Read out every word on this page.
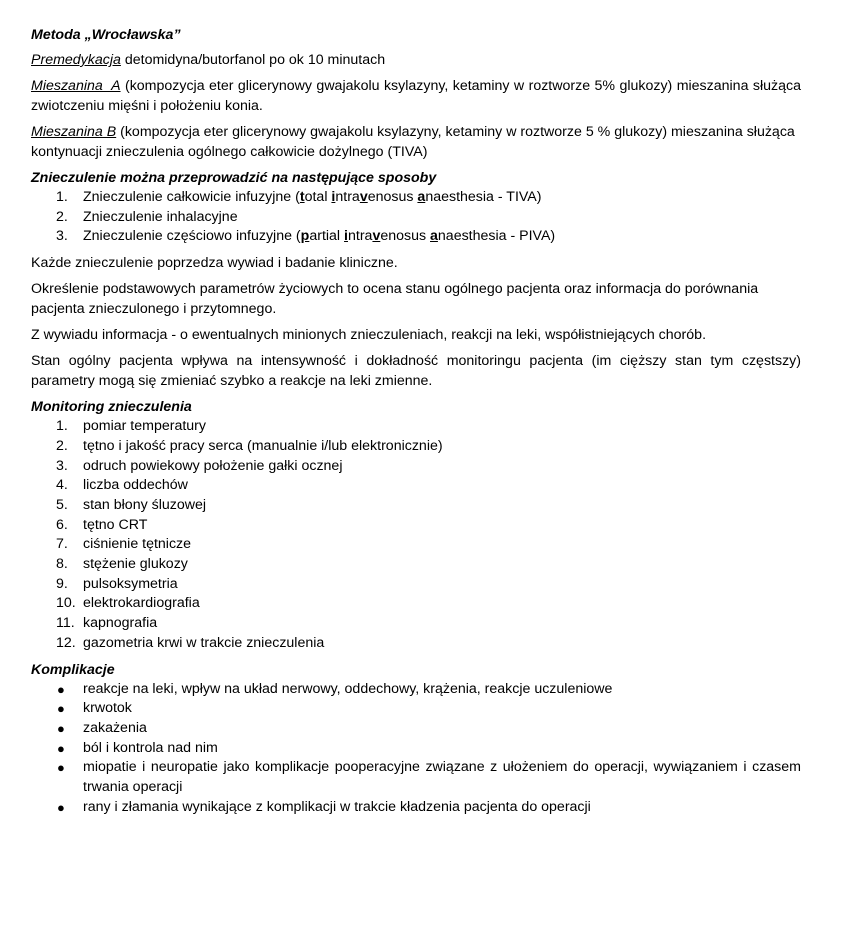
Metoda „Wrocławska”

Premedykacja detomidyna/butorfanol po ok 10 minutach

Mieszanina  A (kompozycja eter glicerynowy gwajakolu ksylazyny, ketaminy w roztworze 5% glukozy) mieszanina służąca zwiotczeniu mięśni i położeniu konia.

Mieszanina B (kompozycja eter glicerynowy gwajakolu ksylazyny, ketaminy w roztworze 5 % glukozy) mieszanina służąca kontynuacji znieczulenia ogólnego całkowicie dożylnego (TIVA)

Znieczulenie można przeprowadzić na następujące sposoby

1.	Znieczulenie całkowicie infuzyjne (total intravenosus anaesthesia - TIVA)
2.	Znieczulenie inhalacyjne
3.	Znieczulenie częściowo infuzyjne (partial intravenosus anaesthesia - PIVA)

Każde znieczulenie poprzedza wywiad i badanie kliniczne.

Określenie podstawowych parametrów życiowych to ocena stanu ogólnego pacjenta oraz informacja do porównania pacjenta znieczulonego i przytomnego.

Z wywiadu informacja - o ewentualnych minionych znieczuleniach, reakcji na leki, współistniejących chorób.

Stan ogólny pacjenta wpływa na intensywność i dokładność monitoringu pacjenta (im cięższy stan tym częstszy) parametry mogą się zmieniać szybko a reakcje na leki zmienne.

Monitoring znieczulenia

1.	pomiar temperatury
2.	tętno i jakość pracy serca (manualnie i/lub elektronicznie)
3.	odruch powiekowy położenie gałki ocznej
4.	liczba oddechów
5.	stan błony śluzowej
6.	tętno CRT
7.	ciśnienie tętnicze
8.	stężenie glukozy
9.	pulsoksymetria
10. elektrokardiografia
11. kapnografia
12. gazometria krwi w trakcie znieczulenia

Komplikacje

● reakcje na leki, wpływ na układ nerwowy, oddechowy, krążenia, reakcje uczuleniowe
● krwotok
● zakażenia
● ból i kontrola nad nim
● miopatie i neuropatie jako komplikacje pooperacyjne związane z ułożeniem do operacji, wywiązaniem i czasem trwania operacji
● rany i złamania wynikające z komplikacji w trakcie kładzenia pacjenta do operacji
